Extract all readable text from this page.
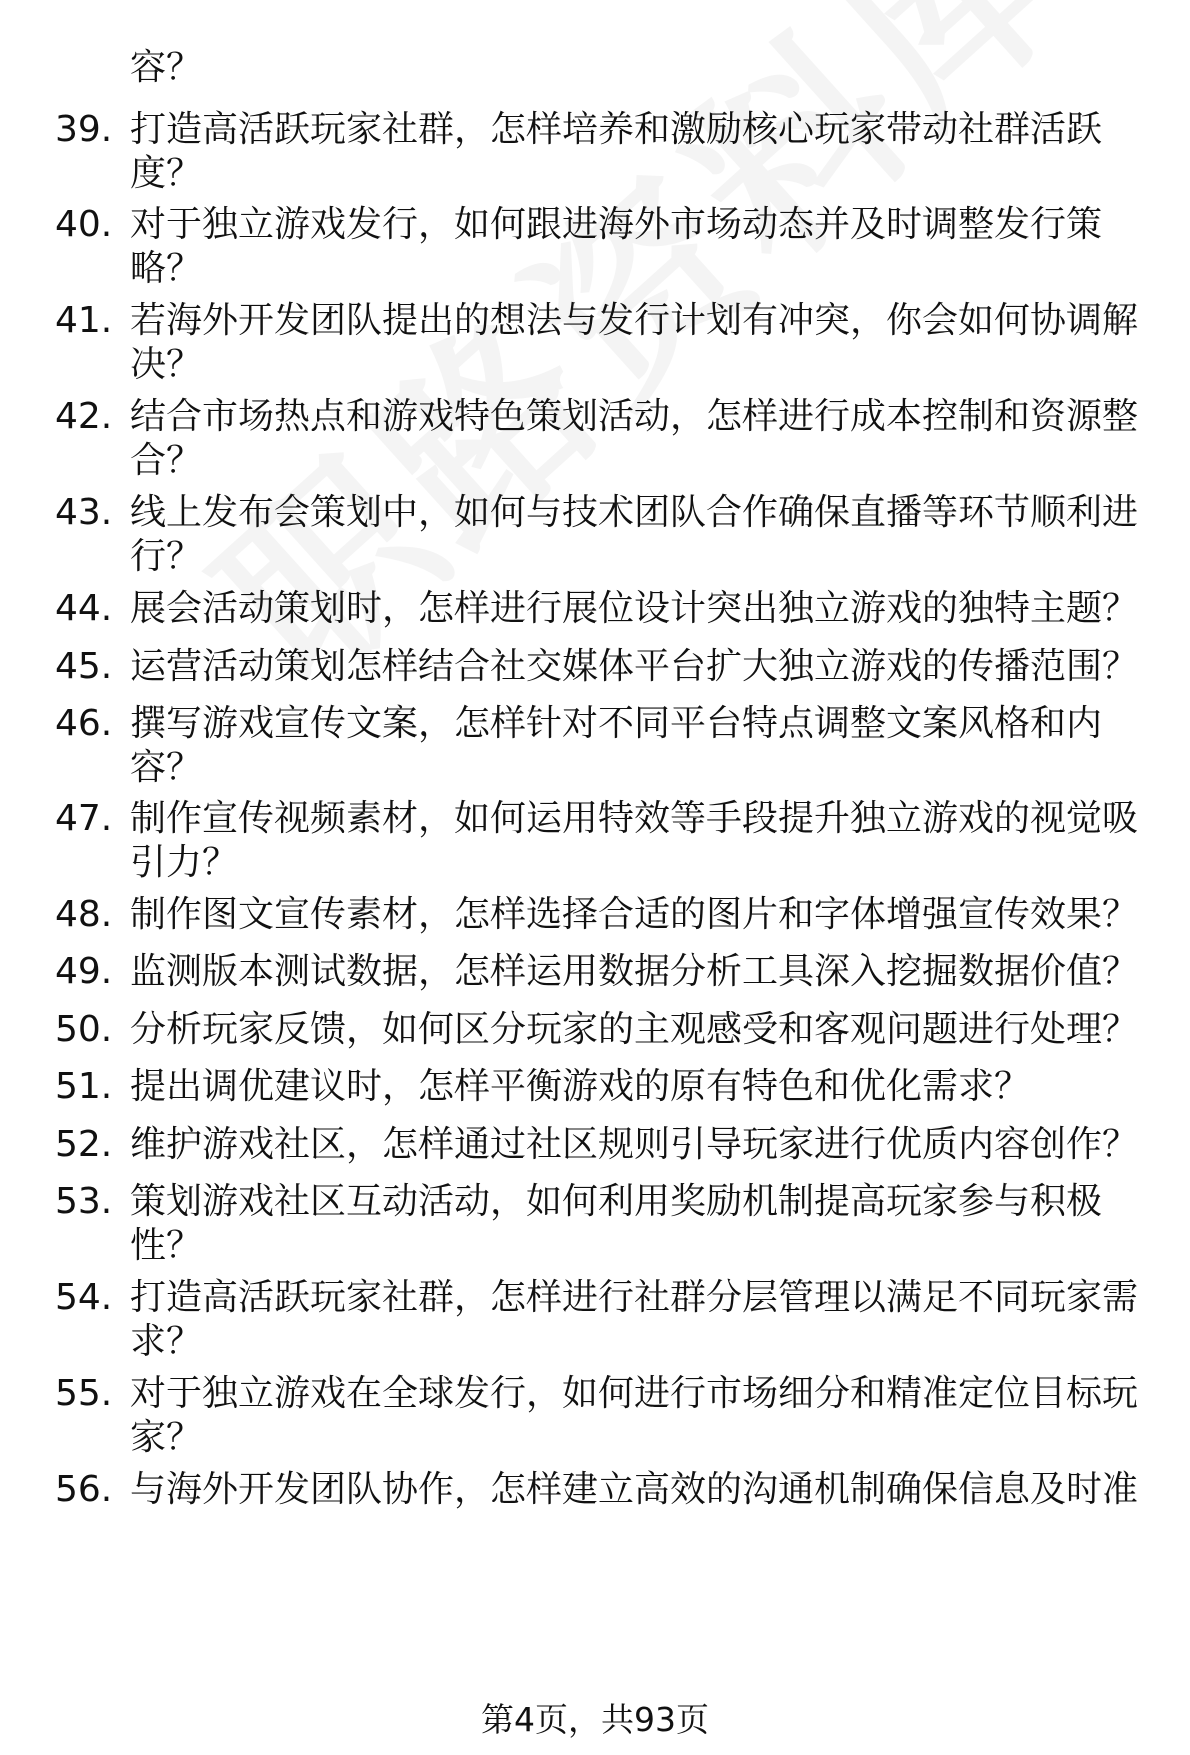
容？
39. 打造高活跃玩家社群，怎样培养和激励核心玩家带动社群活跃度？
40. 对于独立游戏发行，如何跟进海外市场动态并及时调整发行策略？
41. 若海外开发团队提出的想法与发行计划有冲突，你会如何协调解决？
42. 结合市场热点和游戏特色策划活动，怎样进行成本控制和资源整合？
43. 线上发布会策划中，如何与技术团队合作确保直播等环节顺利进行？
44. 展会活动策划时，怎样进行展位设计突出独立游戏的独特主题？
45. 运营活动策划怎样结合社交媒体平台扩大独立游戏的传播范围？
46. 撰写游戏宣传文案，怎样针对不同平台特点调整文案风格和内容？
47. 制作宣传视频素材，如何运用特效等手段提升独立游戏的视觉吸引力？
48. 制作图文宣传素材，怎样选择合适的图片和字体增强宣传效果？
49. 监测版本测试数据，怎样运用数据分析工具深入挖掘数据价值？
50. 分析玩家反馈，如何区分玩家的主观感受和客观问题进行处理？
51. 提出调优建议时，怎样平衡游戏的原有特色和优化需求？
52. 维护游戏社区，怎样通过社区规则引导玩家进行优质内容创作？
53. 策划游戏社区互动活动，如何利用奖励机制提高玩家参与积极性？
54. 打造高活跃玩家社群，怎样进行社群分层管理以满足不同玩家需求？
55. 对于独立游戏在全球发行，如何进行市场细分和精准定位目标玩家？
56. 与海外开发团队协作，怎样建立高效的沟通机制确保信息及时准
第4页，共93页
